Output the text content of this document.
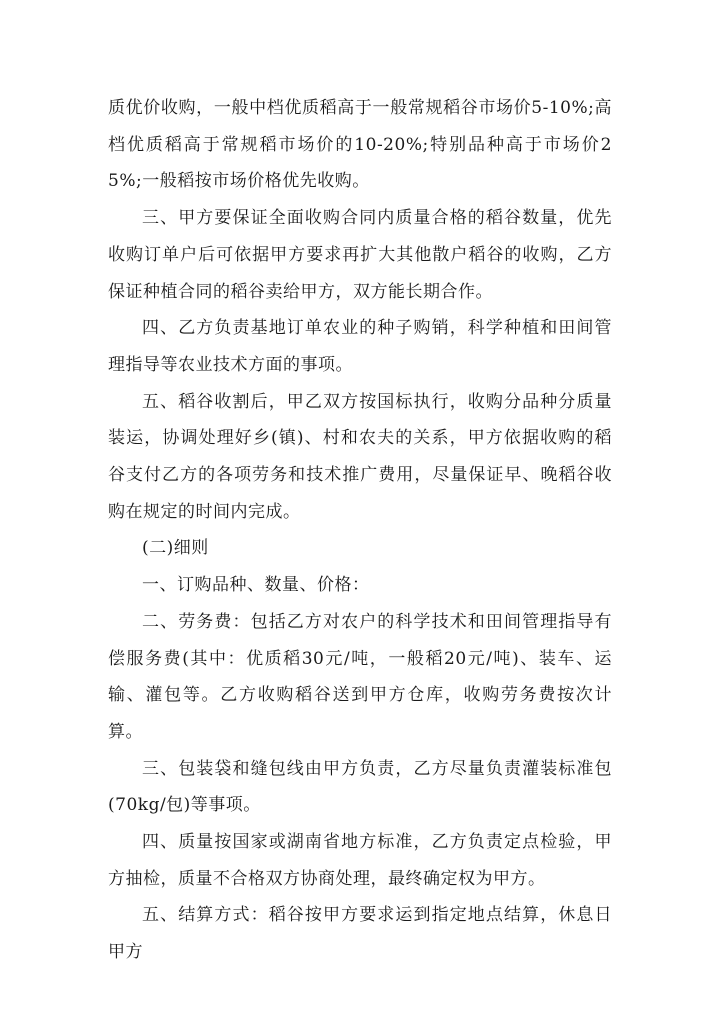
质优价收购，一般中档优质稻高于一般常规稻谷市场价5-10%;高档优质稻高于常规稻市场价的10-20%;特别品种高于市场价25%;一般稻按市场价格优先收购。

三、甲方要保证全面收购合同内质量合格的稻谷数量，优先收购订单户后可依据甲方要求再扩大其他散户稻谷的收购，乙方保证种植合同的稻谷卖给甲方，双方能长期合作。

四、乙方负责基地订单农业的种子购销，科学种植和田间管理指导等农业技术方面的事项。

五、稻谷收割后，甲乙双方按国标执行，收购分品种分质量装运，协调处理好乡(镇)、村和农夫的关系，甲方依据收购的稻谷支付乙方的各项劳务和技术推广费用，尽量保证早、晚稻谷收购在规定的时间内完成。

(二)细则

一、订购品种、数量、价格：

二、劳务费：包括乙方对农户的科学技术和田间管理指导有偿服务费(其中：优质稻30元/吨，一般稻20元/吨)、装车、运输、灌包等。乙方收购稻谷送到甲方仓库，收购劳务费按次计算。

三、包装袋和缝包线由甲方负责，乙方尽量负责灌装标准包(70kg/包)等事项。

四、质量按国家或湖南省地方标准，乙方负责定点检验，甲方抽检，质量不合格双方协商处理，最终确定权为甲方。

五、结算方式：稻谷按甲方要求运到指定地点结算，休息日甲方
